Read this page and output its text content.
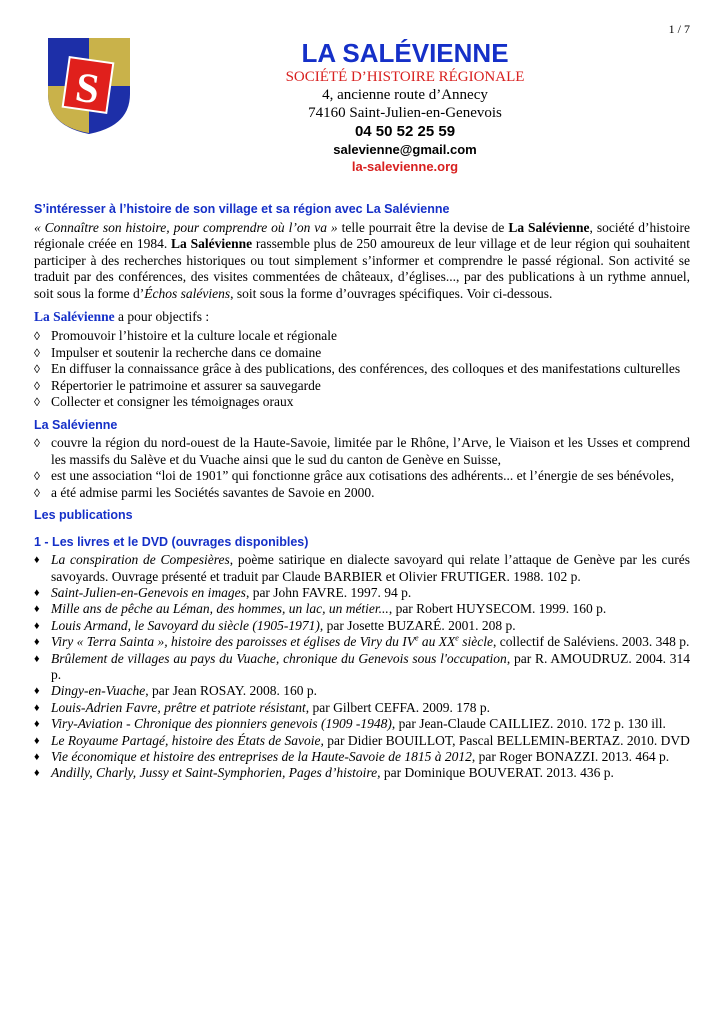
1 / 7
S
LA SALÉVIENNE
SOCIÉTÉ D’HISTOIRE RÉGIONALE
4, ancienne route d’Annecy
74160 Saint-Julien-en-Genevois
04 50 52 25 59
salevienne@gmail.com
la-salevienne.org
S’intéresser à l’histoire de son village et sa région avec La Salévienne
« Connaître son histoire, pour comprendre où l’on va » telle pourrait être la devise de La Salévienne, société d’histoire régionale créée en 1984. La Salévienne rassemble plus de 250 amoureux de leur village et de leur région qui souhaitent participer à des recherches historiques ou tout simplement s’informer et comprendre le passé régional. Son activité se traduit par des conférences, des visites commentées de châteaux, d’églises..., par des publications à un rythme annuel, soit sous la forme d’Échos saléviens, soit sous la forme d’ouvrages spécifiques. Voir ci-dessous.
La Salévienne a pour objectifs :
◊ Promouvoir l’histoire et la culture locale et régionale
◊ Impulser et soutenir la recherche dans ce domaine
◊ En diffuser la connaissance grâce à des publications, des conférences, des colloques et des manifestations culturelles
◊ Répertorier le patrimoine et assurer sa sauvegarde
◊ Collecter et consigner les témoignages oraux
La Salévienne
◊ couvre la région du nord-ouest de la Haute-Savoie, limitée par le Rhône, l’Arve, le Viaison et les Usses et comprend les massifs du Salève et du Vuache ainsi que le sud du canton de Genève en Suisse,
◊ est une association “loi de 1901” qui fonctionne grâce aux cotisations des adhérents... et l’énergie de ses bénévoles,
◊ a été admise parmi les Sociétés savantes de Savoie en 2000.
Les publications
1 - Les livres et le DVD (ouvrages disponibles)
♦ La conspiration de Compesières, poème satirique en dialecte savoyard qui relate l’attaque de Genève par les curés savoyards. Ouvrage présenté et traduit par Claude BARBIER et Olivier FRUTIGER. 1988. 102 p.
♦ Saint-Julien-en-Genevois en images, par John FAVRE. 1997. 94 p.
♦ Mille ans de pêche au Léman, des hommes, un lac, un métier..., par Robert HUYSECOM. 1999. 160 p.
♦ Louis Armand, le Savoyard du siècle (1905-1971), par Josette BUZARÉ. 2001. 208 p.
♦ Viry « Terra Sainta », histoire des paroisses et églises de Viry du IVe au XXe siècle, collectif de Saléviens. 2003. 348 p.
♦ Brûlement de villages au pays du Vuache, chronique du Genevois sous l'occupation, par R. AMOUDRUZ. 2004. 314 p.
♦ Dingy-en-Vuache, par Jean ROSAY. 2008. 160 p.
♦ Louis-Adrien Favre, prêtre et patriote résistant, par Gilbert CEFFA. 2009. 178 p.
♦ Viry-Aviation - Chronique des pionniers genevois (1909 -1948), par Jean-Claude CAILLIEZ. 2010. 172 p. 130 ill.
♦ Le Royaume Partagé, histoire des États de Savoie, par Didier BOUILLOT, Pascal BELLEMIN-BERTAZ. 2010. DVD
♦ Vie économique et histoire des entreprises de la Haute-Savoie de 1815 à 2012, par Roger BONAZZI. 2013. 464 p.
♦ Andilly, Charly, Jussy et Saint-Symphorien, Pages d’histoire, par Dominique BOUVERAT. 2013. 436 p.
